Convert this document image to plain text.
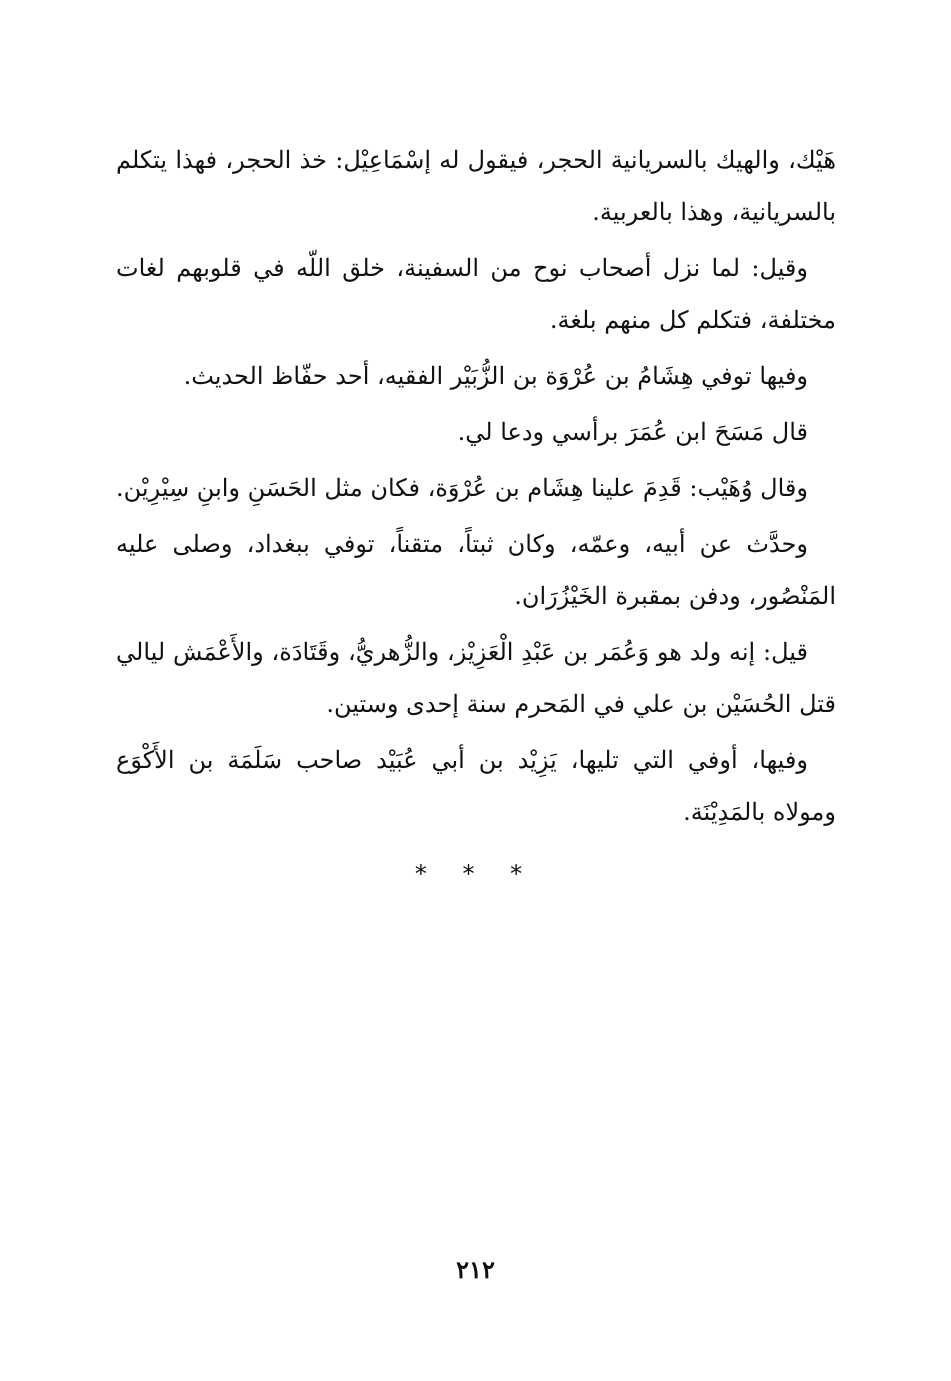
هَيْك، والهيك بالسريانية الحجر، فيقول له إسْمَاعِيْل: خذ الحجر، فهذا يتكلم بالسريانية، وهذا بالعربية.

وقيل: لما نزل أصحاب نوح من السفينة، خلق اللّه في قلوبهم لغات مختلفة، فتكلم كل منهم بلغة.

وفيها توفي هِشَامُ بن عُرْوَة بن الزُّبَيْر الفقيه، أحد حفّاظ الحديث.

قال مَسَحَ ابن عُمَرَ برأسي ودعا لي.

وقال وُهَيْب: قَدِمَ علينا هِشَام بن عُرْوَة، فكان مثل الحَسَنِ وابنِ سِيْرِيْن.

وحدَّث عن أبيه، وعمّه، وكان ثبتاً، متقناً، توفي ببغداد، وصلى عليه المَنْصُور، ودفن بمقبرة الخَيْزُرَان.

قيل: إنه ولد هو وَعُمَر بن عَبْدِ الْعَزِيْز، والزُّهريُّ، وقَتَادَة، والأَعْمَش ليالي قتل الحُسَيْن بن علي في المَحرم سنة إحدى وستين.

وفيها، أوفي التي تليها، يَزِيْد بن أبي عُبَيْد صاحب سَلَمَة بن الأَكْوَع ومولاه بالمَدِيْنَة.

* * *
٢١٢
